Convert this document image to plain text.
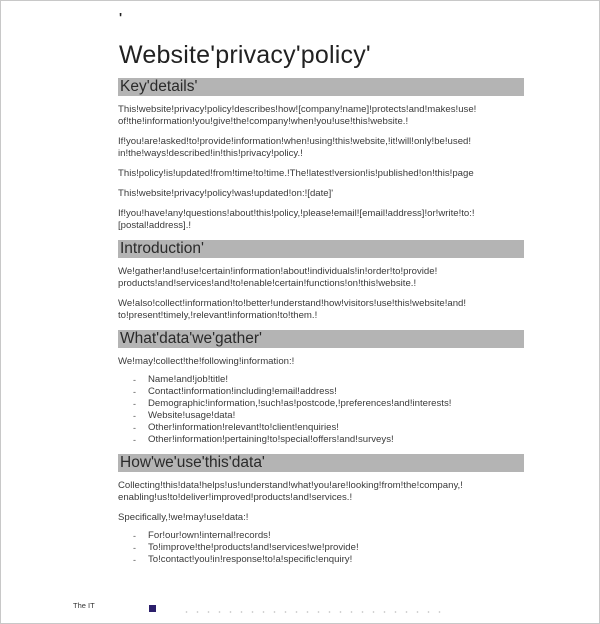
'
Website'privacy'policy'
Key'details'

This!website!privacy!policy!describes!how![company!name]!protects!and!makes!use!
of!the!information!you!give!the!company!when!you!use!this!website.!

If!you!are!asked!to!provide!information!when!using!this!website,!it!will!only!be!used!
in!the!ways!described!in!this!privacy!policy.!

This!policy!is!updated!from!time!to!time.!The!latest!version!is!published!on!this!page

This!website!privacy!policy!was!updated!on:![date]'

If!you!have!any!questions!about!this!policy,!please!email![email!address]!or!write!to:!
[postal!address].!

Introduction'

We!gather!and!use!certain!information!about!individuals!in!order!to!provide!
products!and!services!and!to!enable!certain!functions!on!this!website.!

We!also!collect!information!to!better!understand!how!visitors!use!this!website!and!
to!present!timely,!relevant!information!to!them.!

What'data'we'gather'

We!may!collect!the!following!information:!

- Name!and!job!title!
- Contact!information!including!email!address!
- Demographic!information,!such!as!postcode,!preferences!and!interests!
- Website!usage!data!
- Other!information!relevant!to!client!enquiries!
- Other!information!pertaining!to!special!offers!and!surveys!
How'we'use'this'data'

Collecting!this!data!helps!us!understand!what!you!are!looking!from!the!company,!
enabling!us!to!deliver!improved!products!and!services.!

Specifically,!we!may!use!data:!

- For!our!own!internal!records!
- To!improve!the!products!and!services!we!provide!
- To!contact!you!in!response!to!a!specific!enquiry!
The IT
